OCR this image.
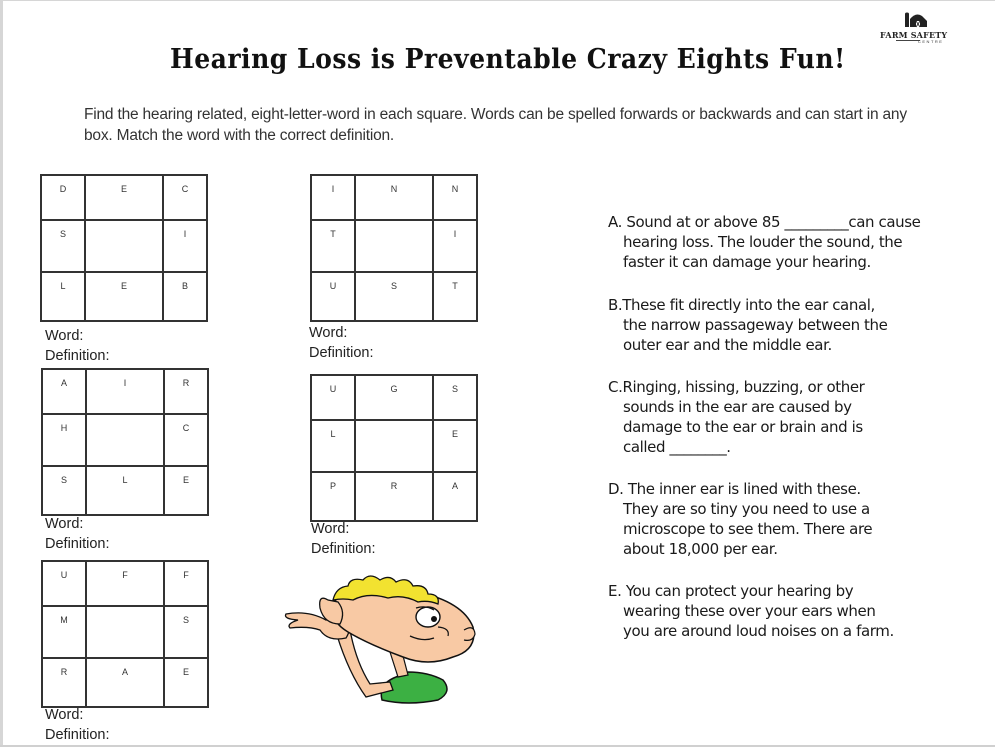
FARM SAFETY
CENTRE
Hearing Loss is Preventable Crazy Eights Fun!
Find the hearing related, eight-letter-word in each square. Words can be spelled forwards or backwards and can start in any box. Match the word with the correct definition.
D	E	C
S		I
L	E	B
Word:
Definition:
I	N	N
T		I
U	S	T
Word:
Definition:
A	I	R
H		C
S	L	E
Word:
Definition:
U	G	S
L		E
P	R	A
Word:
Definition:
U	F	F
M		S
R	A	E
Word:
Definition:
A. Sound at or above 85 _________can cause
hearing loss. The louder the sound, the
faster it can damage your hearing.
B.These fit directly into the ear canal,
the narrow passageway between the
outer ear and the middle ear.
C.Ringing, hissing, buzzing, or other
sounds in the ear are caused by
damage to the ear or brain and is
called ________.
D. The inner ear is lined with these.
They are so tiny you need to use a
microscope to see them. There are
about 18,000 per ear.
E. You can protect your hearing by
wearing these over your ears when
you are around loud noises on a farm.
